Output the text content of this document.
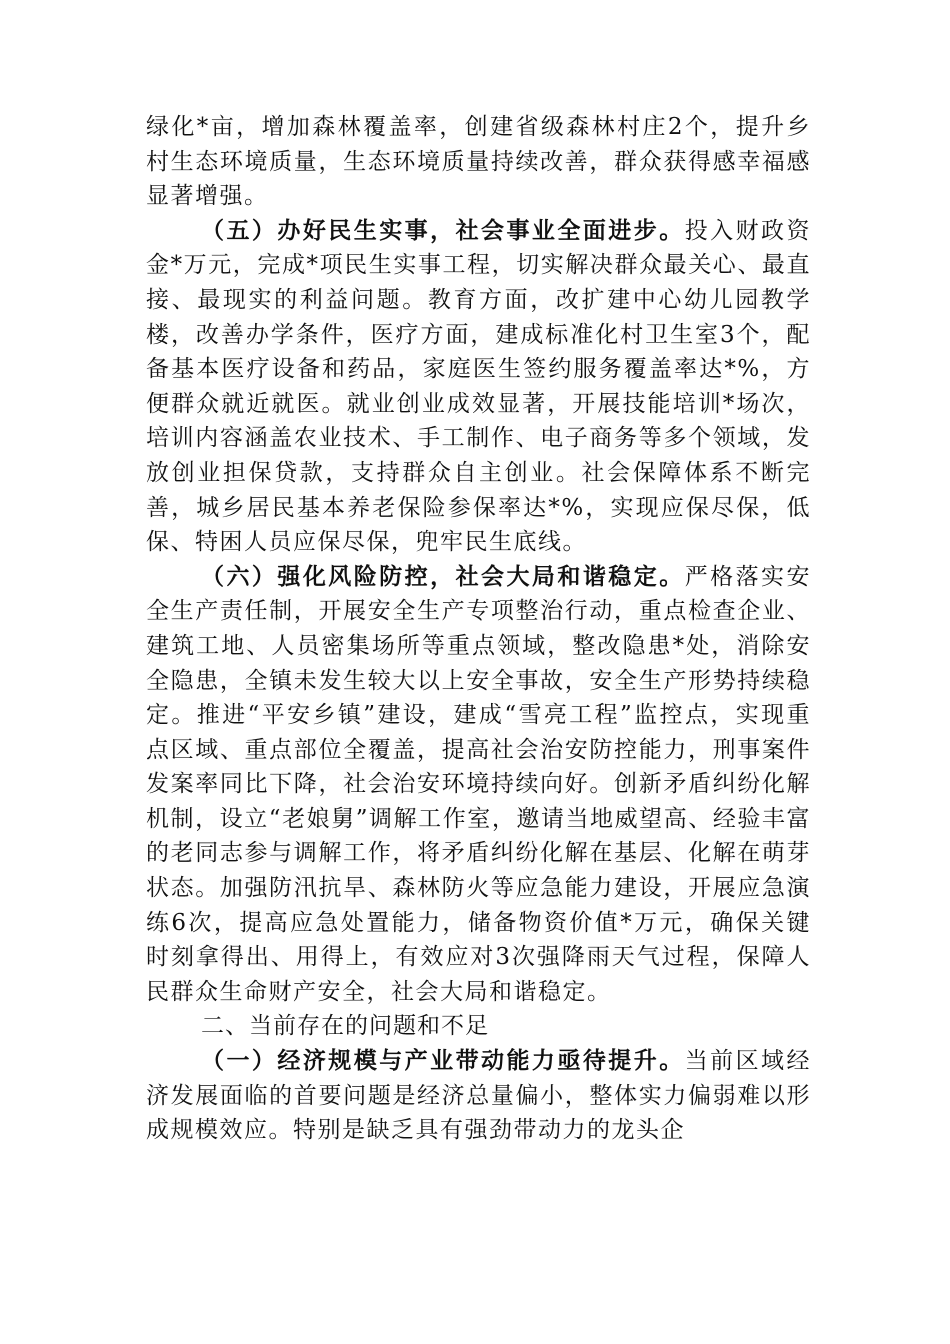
绿化*亩，增加森林覆盖率，创建省级森林村庄2个，提升乡村生态环境质量，生态环境质量持续改善，群众获得感幸福感显著增强。

（五）办好民生实事，社会事业全面进步。投入财政资金*万元，完成*项民生实事工程，切实解决群众最关心、最直接、最现实的利益问题。教育方面，改扩建中心幼儿园教学楼，改善办学条件，医疗方面，建成标准化村卫生室3个，配备基本医疗设备和药品，家庭医生签约服务覆盖率达*%，方便群众就近就医。就业创业成效显著，开展技能培训*场次，培训内容涵盖农业技术、手工制作、电子商务等多个领域，发放创业担保贷款，支持群众自主创业。社会保障体系不断完善，城乡居民基本养老保险参保率达*%，实现应保尽保，低保、特困人员应保尽保，兜牢民生底线。

（六）强化风险防控，社会大局和谐稳定。严格落实安全生产责任制，开展安全生产专项整治行动，重点检查企业、建筑工地、人员密集场所等重点领域，整改隐患*处，消除安全隐患，全镇未发生较大以上安全事故，安全生产形势持续稳定。推进“平安乡镇”建设，建成“雪亮工程”监控点，实现重点区域、重点部位全覆盖，提高社会治安防控能力，刑事案件发案率同比下降，社会治安环境持续向好。创新矛盾纠纷化解机制，设立“老娘舅”调解工作室，邀请当地威望高、经验丰富的老同志参与调解工作，将矛盾纠纷化解在基层、化解在萌芽状态。加强防汛抗旱、森林防火等应急能力建设，开展应急演练6次，提高应急处置能力，储备物资价值*万元，确保关键时刻拿得出、用得上，有效应对3次强降雨天气过程，保障人民群众生命财产安全，社会大局和谐稳定。

二、当前存在的问题和不足

（一）经济规模与产业带动能力亟待提升。当前区域经济发展面临的首要问题是经济总量偏小，整体实力偏弱难以形成规模效应。特别是缺乏具有强劲带动力的龙头企
